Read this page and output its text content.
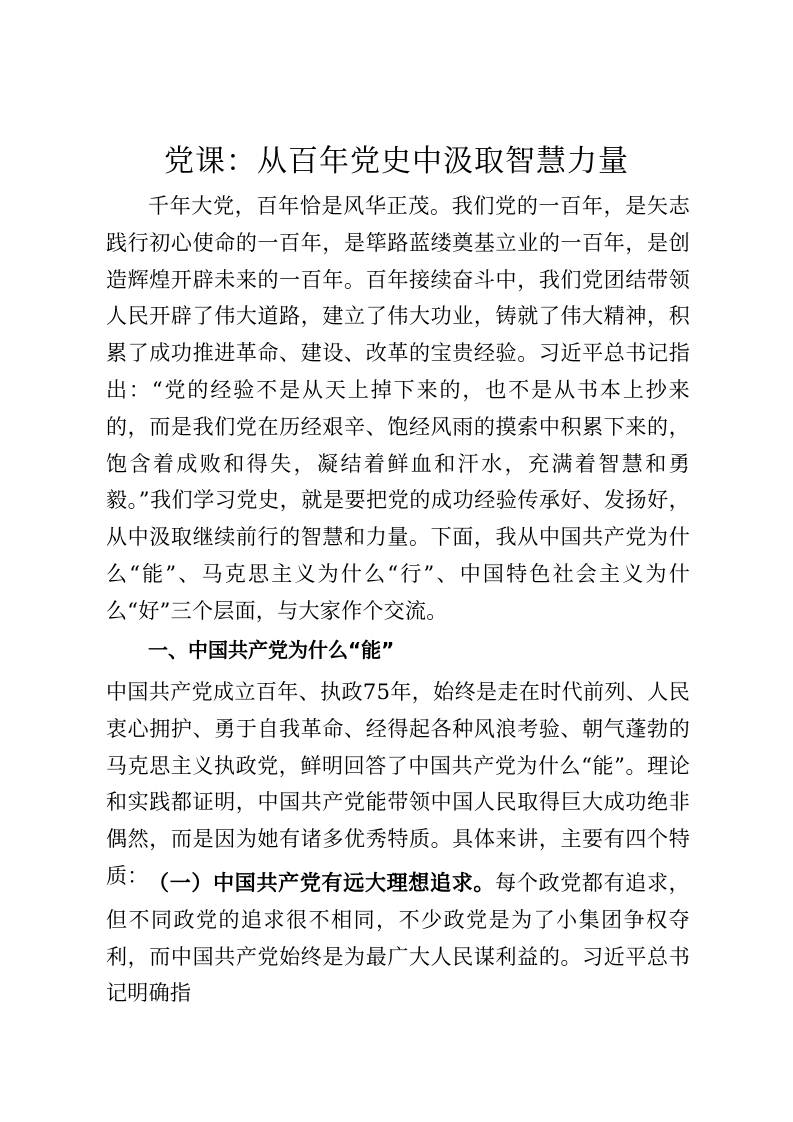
党课：从百年党史中汲取智慧力量

千年大党，百年恰是风华正茂。我们党的一百年，是矢志践行初心使命的一百年，是筚路蓝缕奠基立业的一百年，是创造辉煌开辟未来的一百年。百年接续奋斗中，我们党团结带领人民开辟了伟大道路，建立了伟大功业，铸就了伟大精神，积累了成功推进革命、建设、改革的宝贵经验。习近平总书记指出：“党的经验不是从天上掉下来的，也不是从书本上抄来的，而是我们党在历经艰辛、饱经风雨的摸索中积累下来的，饱含着成败和得失，凝结着鲜血和汗水，充满着智慧和勇毅。”我们学习党史，就是要把党的成功经验传承好、发扬好，从中汲取继续前行的智慧和力量。下面，我从中国共产党为什么“能”、马克思主义为什么“行”、中国特色社会主义为什么“好”三个层面，与大家作个交流。

一、中国共产党为什么“能”

中国共产党成立百年、执政75年，始终是走在时代前列、人民衷心拥护、勇于自我革命、经得起各种风浪考验、朝气蓬勃的马克思主义执政党，鲜明回答了中国共产党为什么“能”。理论和实践都证明，中国共产党能带领中国人民取得巨大成功绝非偶然，而是因为她有诸多优秀特质。具体来讲，主要有四个特质： （一）中国共产党有远大理想追求。每个政党都有追求，但不同政党的追求很不相同，不少政党是为了小集团争权夺利，而中国共产党始终是为最广大人民谋利益的。习近平总书记明确指
